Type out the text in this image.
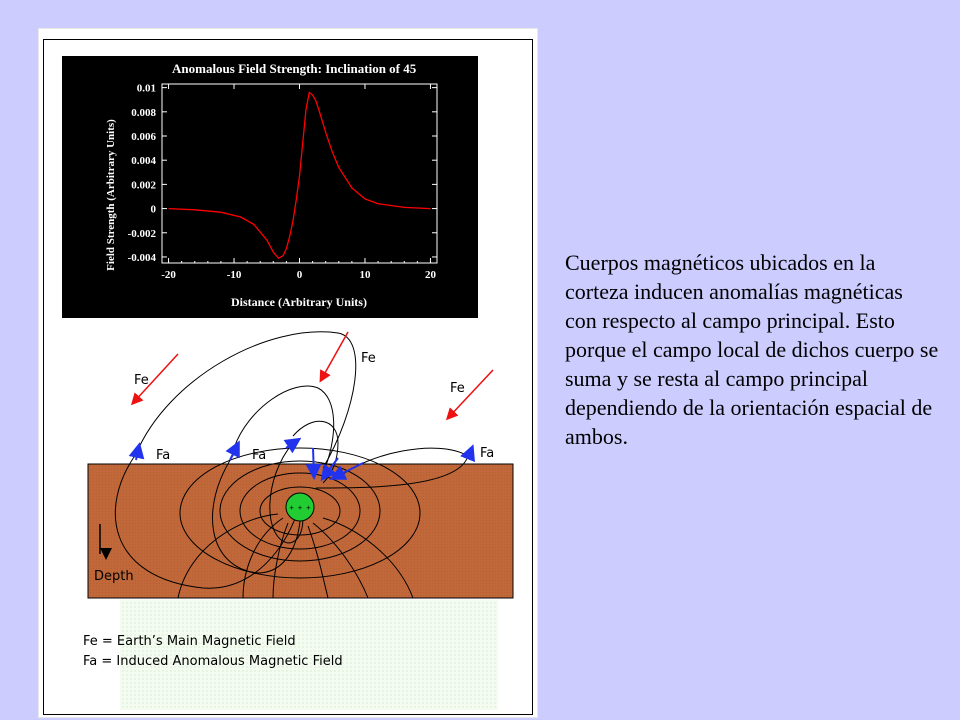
Anomalous Field Strength: Inclination of 45
Field Strength (Arbitrary Units)
Distance (Arbitrary Units)
0.01
0.008
0.006
0.004
0.002
0
-0.002
-0.004
-20	-10	0	10	20
+ + +
Fe
Fe
Fe
Fa	Fa	Fa
Depth
Fe = Earth’s Main Magnetic Field
Fa = Induced Anomalous Magnetic Field
Cuerpos magnéticos ubicados en la corteza inducen anomalías magnéticas con respecto al campo principal. Esto porque el campo local de dichos cuerpo se suma y se resta al campo principal dependiendo de la orientación espacial de ambos.
